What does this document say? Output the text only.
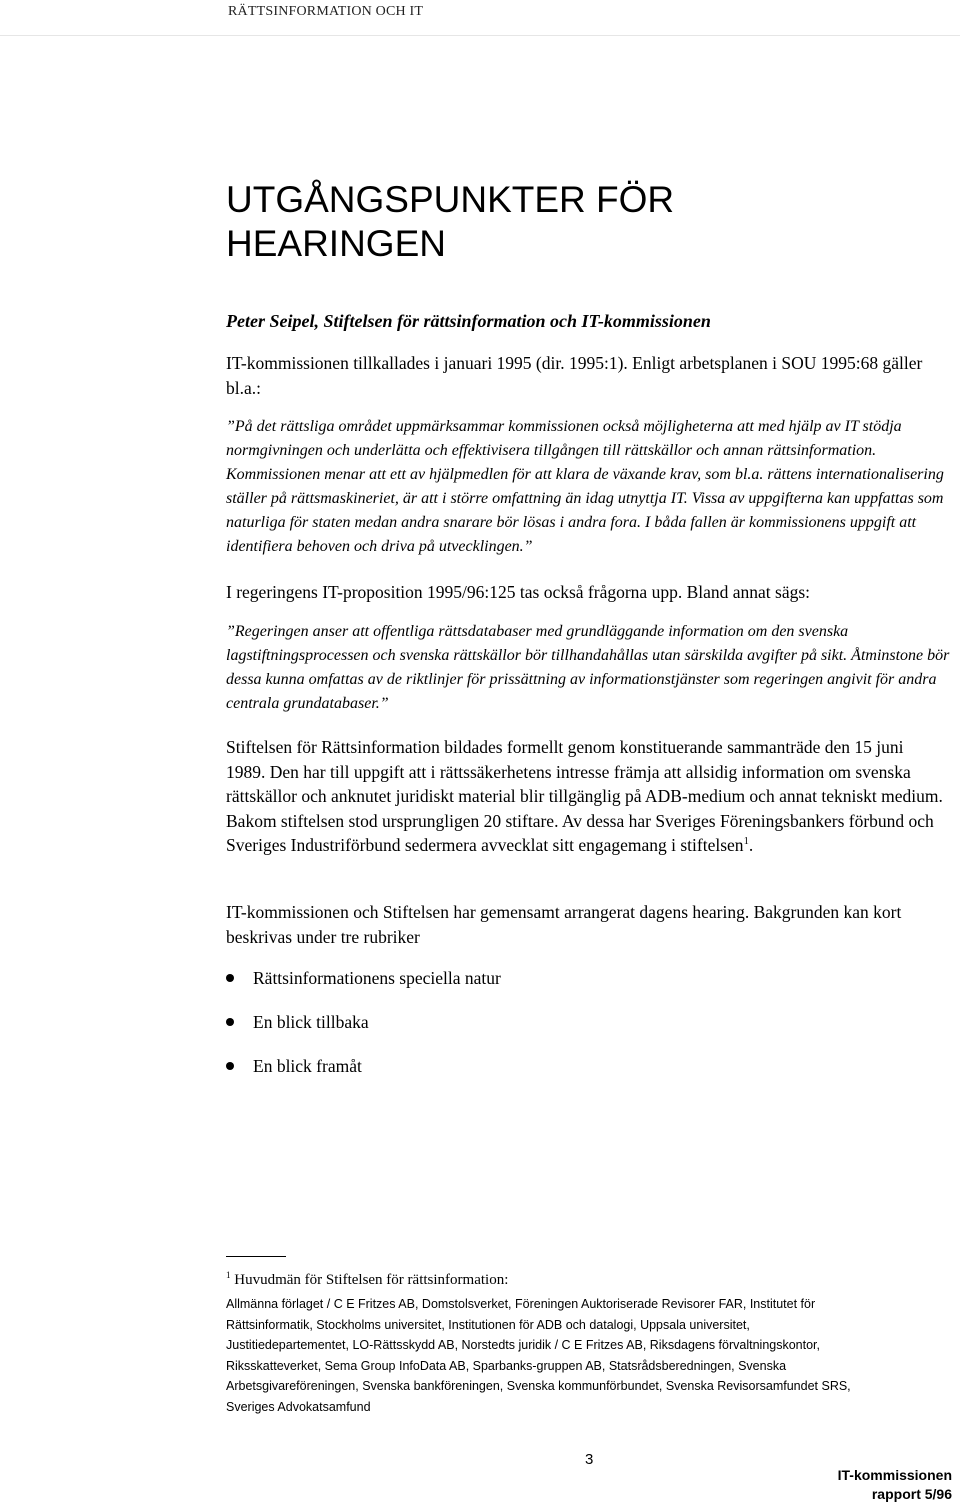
RÄTTSINFORMATION OCH IT
UTGÅNGSPUNKTER FÖR
HEARINGEN
Peter Seipel, Stiftelsen för rättsinformation och IT-kommissionen

IT-kommissionen tillkallades i januari 1995 (dir. 1995:1). Enligt arbetsplanen i SOU 1995:68 gäller bl.a.:

”På det rättsliga området uppmärksammar kommissionen också möjligheterna att med hjälp av IT stödja normgivningen och underlätta och effektivisera tillgången till rättskällor och annan rättsinformation. Kommissionen menar att ett av hjälpmedlen för att klara de växande krav, som bl.a. rättens internationalisering ställer på rättsmaskineriet, är att i större omfattning än idag utnyttja IT. Vissa av uppgifterna kan uppfattas som naturliga för staten medan andra snarare bör lösas i andra fora. I båda fallen är kommissionens uppgift att identifiera behoven och driva på utvecklingen.”

I regeringens IT-proposition 1995/96:125 tas också frågorna upp. Bland annat sägs:

”Regeringen anser att offentliga rättsdatabaser med grundläggande information om den svenska lagstiftningsprocessen och svenska rättskällor bör tillhandahållas utan särskilda avgifter på sikt. Åtminstone bör dessa kunna omfattas av de riktlinjer för prissättning av informationstjänster som regeringen angivit för andra centrala grundatabaser.”

Stiftelsen för Rättsinformation bildades formellt genom konstituerande sammanträde den 15 juni 1989. Den har till uppgift att i rättssäkerhetens intresse främja att allsidig information om svenska rättskällor och anknutet juridiskt material blir tillgänglig på ADB-medium och annat tekniskt medium. Bakom stiftelsen stod ursprungligen 20 stiftare. Av dessa har Sveriges Föreningsbankers förbund och Sveriges Industriförbund sedermera avvecklat sitt engagemang i stiftelsen$^1$.

IT-kommissionen och Stiftelsen har gemensamt arrangerat dagens hearing. Bakgrunden kan kort beskrivas under tre rubriker

Rättsinformationens speciella natur
En blick tillbaka
En blick framåt
$^1$ Huvudmän för Stiftelsen för rättsinformation:

Allmänna förlaget / C E Fritzes AB, Domstolsverket, Föreningen Auktoriserade Revisorer FAR, Institutet för Rättsinformatik, Stockholms universitet, Institutionen för ADB och datalogi, Uppsala universitet, Justitiedepartementet, LO-Rättsskydd AB, Norstedts juridik / C E Fritzes AB, Riksdagens förvaltningskontor, Riksskatteverket, Sema Group InfoData AB, Sparbanks-gruppen AB, Statsrådsberedningen, Svenska Arbetsgivareföreningen, Svenska bankföreningen, Svenska kommunförbundet, Svenska Revisorsamfundet SRS, Sveriges Advokatsamfund

3
IT-kommissionen
rapport 5/96
